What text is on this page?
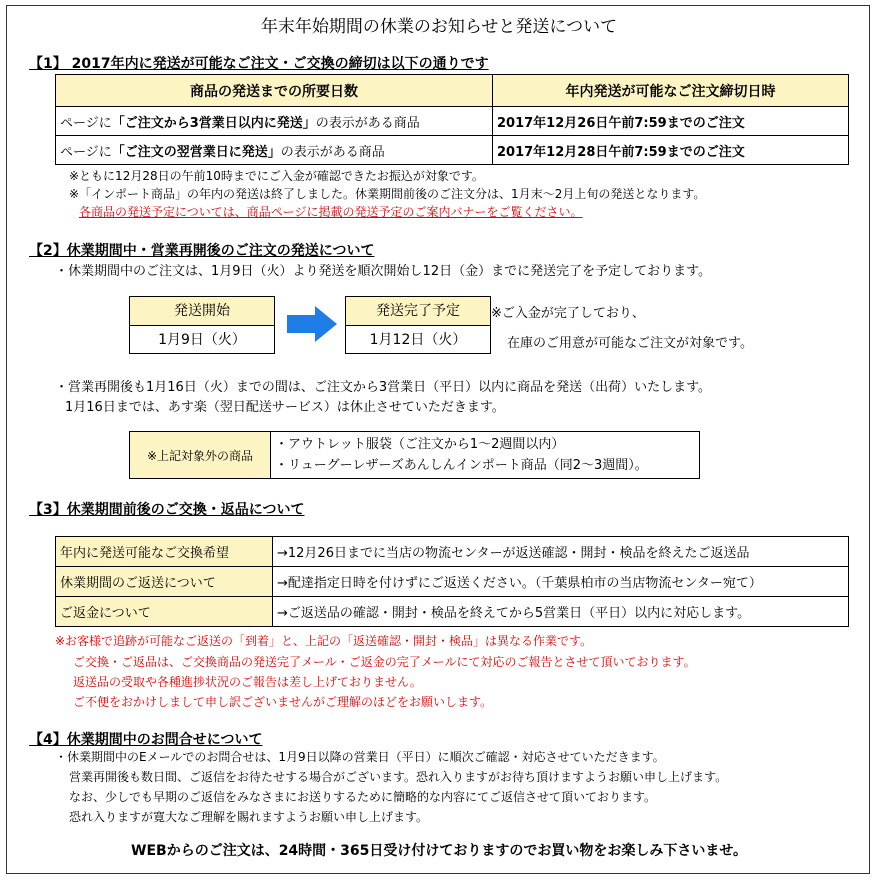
年末年始期間の休業のお知らせと発送について
【1】 2017年内に発送が可能なご注文・ご交換の締切は以下の通りです
商品の発送までの所要日数	年内発送が可能なご注文締切日時
ページに「ご注文から3営業日以内に発送」の表示がある商品	2017年12月26日午前7:59までのご注文
ページに「ご注文の翌営業日に発送」の表示がある商品	2017年12月28日午前7:59までのご注文
※ともに12月28日の午前10時までにご入金が確認できたお振込が対象です。
※「インポート商品」の年内の発送は終了しました。休業期間前後のご注文分は、1月末～2月上旬の発送となります。
各商品の発送予定については、商品ページに掲載の発送予定のご案内バナーをご覧ください。
【2】休業期間中・営業再開後のご注文の発送について
・休業期間中のご注文は、1月9日（火）より発送を順次開始し12日（金）までに発送完了を予定しております。
発送開始
1月9日（火）
発送完了予定
1月12日（火）
※ご入金が完了しており、
在庫のご用意が可能なご注文が対象です。
・営業再開後も1月16日（火）までの間は、ご注文から3営業日（平日）以内に商品を発送（出荷）いたします。
1月16日までは、あす楽（翌日配送サービス）は休止させていただきます。
※上記対象外の商品	
・アウトレット服袋（ご注文から1～2週間以内）
・リューグーレザーズあんしんインポート商品（同2～3週間）。
【3】休業期間前後のご交換・返品について
年内に発送可能なご交換希望	→12月26日までに当店の物流センターが返送確認・開封・検品を終えたご返送品
休業期間のご返送について	→配達指定日時を付けずにご返送ください。（千葉県柏市の当店物流センター宛て）
ご返金について	→ご返送品の確認・開封・検品を終えてから5営業日（平日）以内に対応します。
※お客様で追跡が可能なご返送の「到着」と、上記の「返送確認・開封・検品」は異なる作業です。
ご交換・ご返品は、ご交換商品の発送完了メール・ご返金の完了メールにて対応のご報告とさせて頂いております。
返送品の受取や各種進捗状況のご報告は差し上げておりません。
ご不便をおかけしまして申し訳ございませんがご理解のほどをお願いします。
【4】休業期間中のお問合せについて
・休業期間中のEメールでのお問合せは、1月9日以降の営業日（平日）に順次ご確認・対応させていただきます。
営業再開後も数日間、ご返信をお待たせする場合がございます。恐れ入りますがお待ち頂けますようお願い申し上げます。
なお、少しでも早期のご返信をみなさまにお送りするために簡略的な内容にてご返信させて頂いております。
恐れ入りますが寛大なご理解を賜れますようお願い申し上げます。
WEBからのご注文は、24時間・365日受け付けておりますのでお買い物をお楽しみ下さいませ。
